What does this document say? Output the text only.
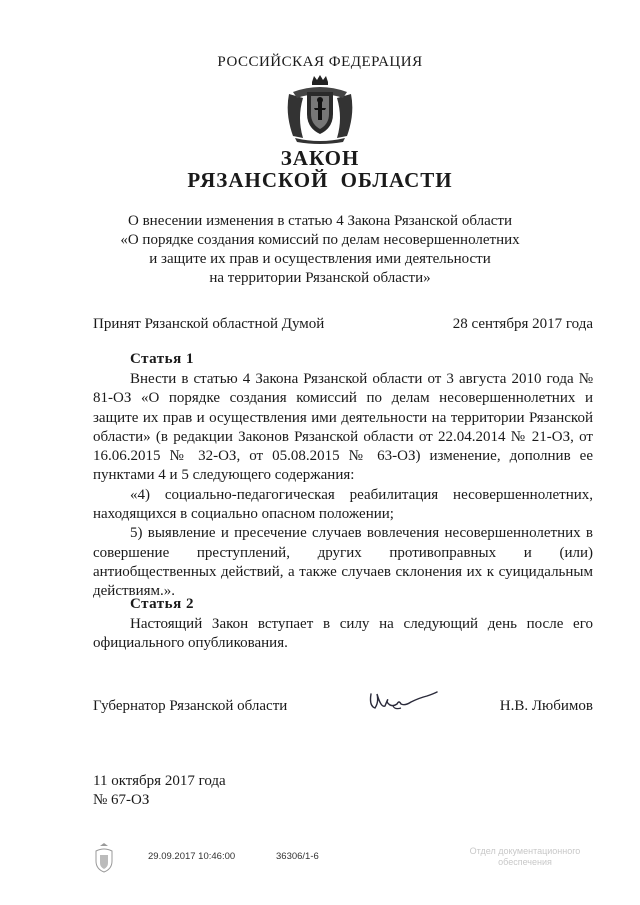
РОССИЙСКАЯ ФЕДЕРАЦИЯ
ЗАКОН
РЯЗАНСКОЙ ОБЛАСТИ
О внесении изменения в статью 4 Закона Рязанской области
«О порядке создания комиссий по делам несовершеннолетних
и защите их прав и осуществления ими деятельности
на территории Рязанской области»
Принят Рязанской областной Думой	28 сентября 2017 года
Статья 1

Внести в статью 4 Закона Рязанской области от 3 августа 2010 года № 81-ОЗ «О порядке создания комиссий по делам несовершеннолетних и защите их прав и осуществления ими деятельности на территории Рязанской области» (в редакции Законов Рязанской области от 22.04.2014 № 21-ОЗ, от 16.06.2015 № 32-ОЗ, от 05.08.2015 № 63-ОЗ) изменение, дополнив ее пунктами 4 и 5 следующего содержания:

«4) социально-педагогическая реабилитация несовершеннолетних, находящихся в социально опасном положении;

5) выявление и пресечение случаев вовлечения несовершеннолетних в совершение преступлений, других противоправных и (или) антиобщественных действий, а также случаев склонения их к суицидальным действиям.».

Статья 2

Настоящий Закон вступает в силу на следующий день после его официального опубликования.

Губернатор Рязанской области	Н.В. Любимов
11 октября 2017 года
№ 67-ОЗ
29.09.2017 10:46:00	36306/1-6	Отдел документационного
обеспечения
